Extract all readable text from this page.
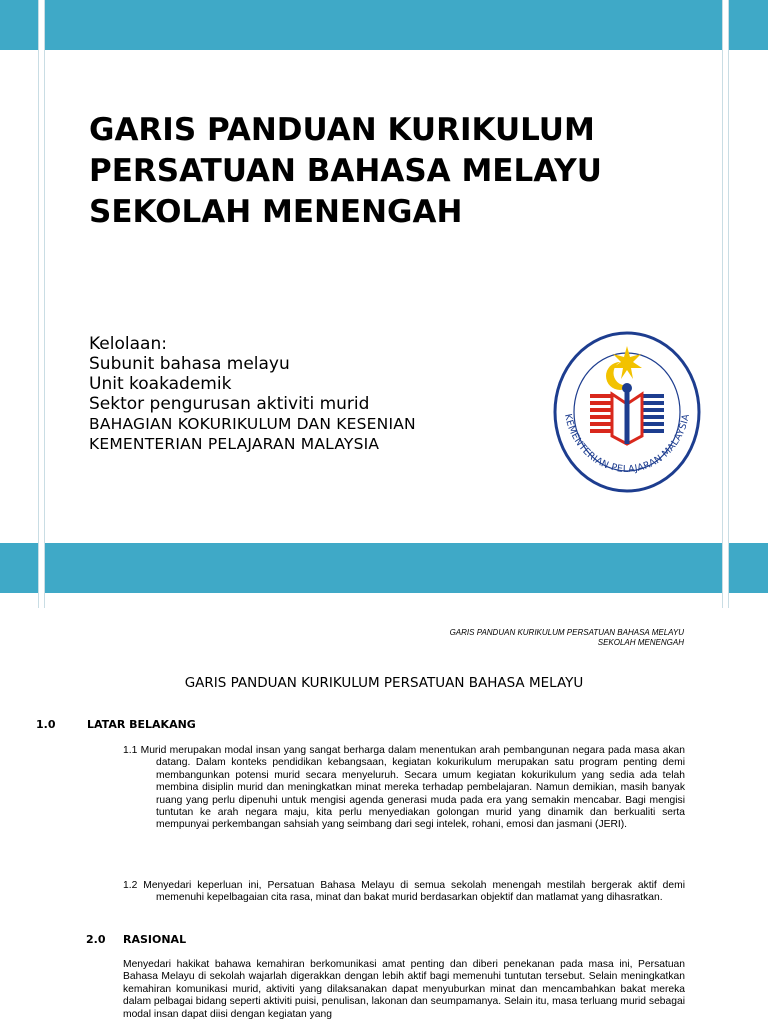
GARIS PANDUAN KURIKULUM
PERSATUAN BAHASA MELAYU
SEKOLAH MENENGAH
Kelolaan:
Subunit bahasa melayu
Unit koakademik
Sektor pengurusan aktiviti murid
BAHAGIAN KOKURIKULUM DAN KESENIAN
KEMENTERIAN PELAJARAN MALAYSIA
KEMENTERIAN PELAJARAN MALAYSIA
GARIS PANDUAN KURIKULUM PERSATUAN BAHASA MELAYU
SEKOLAH MENENGAH
GARIS PANDUAN KURIKULUM PERSATUAN BAHASA MELAYU
1.0	LATAR BELAKANG

1.1 Murid merupakan modal insan yang sangat berharga dalam menentukan arah pembangunan negara pada masa akan datang. Dalam konteks pendidikan kebangsaan, kegiatan kokurikulum merupakan satu program penting demi membangunkan potensi murid secara menyeluruh. Secara umum kegiatan kokurikulum yang sedia ada telah membina disiplin murid dan meningkatkan minat mereka terhadap pembelajaran. Namun demikian, masih banyak ruang yang perlu dipenuhi untuk mengisi agenda generasi muda pada era yang semakin mencabar. Bagi mengisi tuntutan ke arah negara maju, kita perlu menyediakan golongan murid yang dinamik dan berkualiti serta mempunyai perkembangan sahsiah yang seimbang dari segi intelek, rohani, emosi dan jasmani (JERI).

1.2 Menyedari keperluan ini, Persatuan Bahasa Melayu di semua sekolah menengah mestilah bergerak aktif demi memenuhi kepelbagaian cita rasa, minat dan bakat murid berdasarkan objektif dan matlamat yang dihasratkan.

2.0 RASIONAL

Menyedari hakikat bahawa kemahiran berkomunikasi amat penting dan diberi penekanan pada masa ini, Persatuan Bahasa Melayu di sekolah wajarlah digerakkan dengan lebih aktif bagi memenuhi tuntutan tersebut. Selain meningkatkan kemahiran komunikasi murid, aktiviti yang dilaksanakan dapat menyuburkan minat dan mencambahkan bakat mereka dalam pelbagai bidang seperti aktiviti puisi, penulisan, lakonan dan seumpamanya. Selain itu, masa terluang murid sebagai modal insan dapat diisi dengan kegiatan yang
